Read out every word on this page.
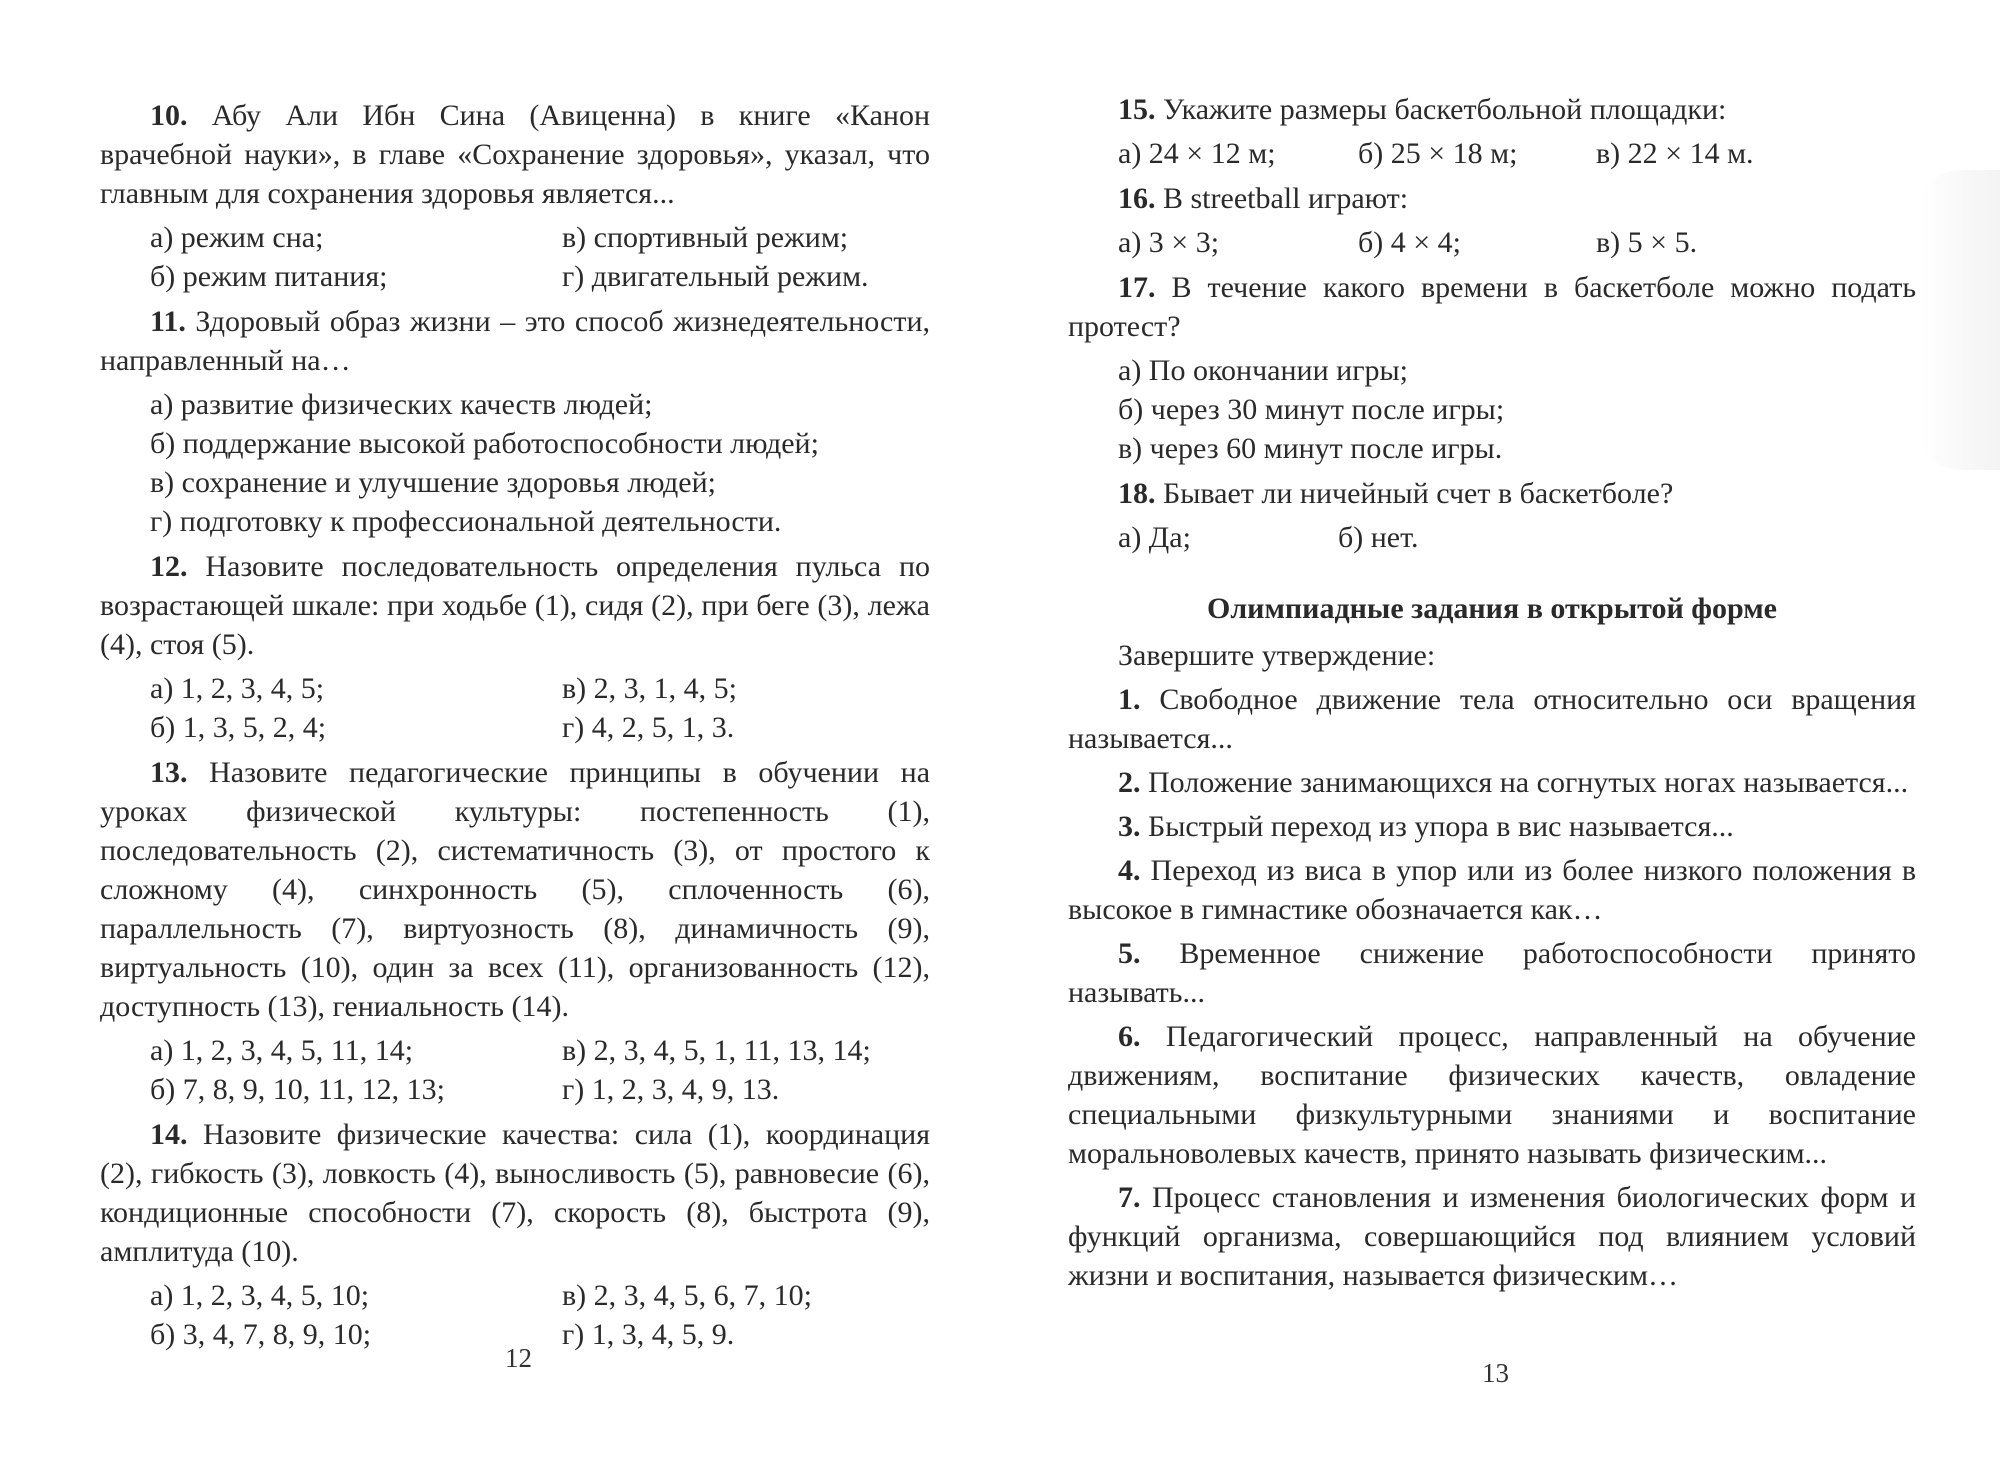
10. Абу Али Ибн Сина (Авиценна) в книге «Канон врачебной науки», в главе «Сохранение здоровья», указал, что главным для сохранения здоровья является...

а) режим сна;	в) спортивный режим;
б) режим питания;	г) двигательный режим.

11. Здоровый образ жизни – это способ жизнедеятельности, направленный на…

а) развитие физических качеств людей;
б) поддержание высокой работоспособности людей;
в) сохранение и улучшение здоровья людей;
г) подготовку к профессиональной деятельности.

12. Назовите последовательность определения пульса по возрастающей шкале: при ходьбе (1), сидя (2), при беге (3), лежа (4), стоя (5).

а) 1, 2, 3, 4, 5;	в) 2, 3, 1, 4, 5;
б) 1, 3, 5, 2, 4;	г) 4, 2, 5, 1, 3.

13. Назовите педагогические принципы в обучении на уроках физической культуры: постепенность (1), последовательность (2), систематичность (3), от простого к сложному (4), синхронность (5), сплоченность (6), параллельность (7), виртуозность (8), динамичность (9), виртуальность (10), один за всех (11), организованность (12), доступность (13), гениальность (14).

а) 1, 2, 3, 4, 5, 11, 14;	в) 2, 3, 4, 5, 1, 11, 13, 14;
б) 7, 8, 9, 10, 11, 12, 13;	г) 1, 2, 3, 4, 9, 13.

14. Назовите физические качества: сила (1), координация (2), гибкость (3), ловкость (4), выносливость (5), равновесие (6), кондиционные способности (7), скорость (8), быстрота (9), амплитуда (10).

а) 1, 2, 3, 4, 5, 10;	в) 2, 3, 4, 5, 6, 7, 10;
б) 3, 4, 7, 8, 9, 10;	г) 1, 3, 4, 5, 9.
12

15. Укажите размеры баскетбольной площадки:

а) 24 × 12 м;	б) 25 × 18 м;	в) 22 × 14 м.

16. В streetball играют:

а) 3 × 3;	б) 4 × 4;	в) 5 × 5.

17. В течение какого времени в баскетболе можно подать протест?

а) По окончании игры;
б) через 30 минут после игры;
в) через 60 минут после игры.

18. Бывает ли ничейный счет в баскетболе?

а) Да;	б) нет.
Олимпиадные задания в открытой форме

Завершите утверждение:

1. Свободное движение тела относительно оси вращения называется...

2. Положение занимающихся на согнутых ногах называется...

3. Быстрый переход из упора в вис называется...

4. Переход из виса в упор или из более низкого положения в высокое в гимнастике обозначается как…

5. Временное снижение работоспособности принято называть...

6. Педагогический процесс, направленный на обучение движениям, воспитание физических качеств, овладение специальными физкультурными знаниями и воспитание моральноволевых качеств, принято называть физическим...

7. Процесс становления и изменения биологических форм и функций организма, совершающийся под влиянием условий жизни и воспитания, называется физическим…

13
